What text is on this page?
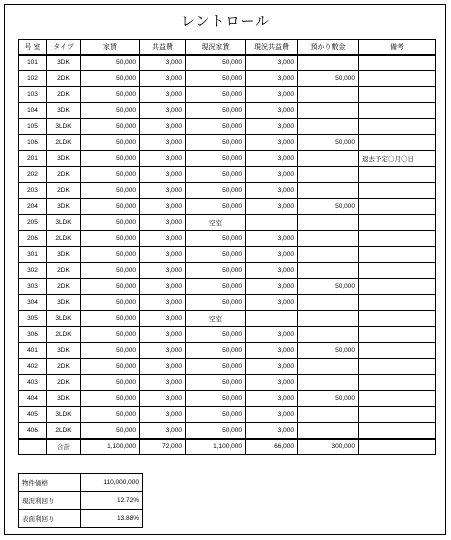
レントロール
号 室	タイプ	家賃	共益費	現況家賃	現況共益費	預かり敷金	備考
101	3DK	50,000	3,000	50,000	3,000		
102	2DK	50,000	3,000	50,000	3,000	50,000	
103	2DK	50,000	3,000	50,000	3,000		
104	3DK	50,000	3,000	50,000	3,000		
105	3LDK	50,000	3,000	50,000	3,000		
106	2LDK	50,000	3,000	50,000	3,000	50,000	
201	3DK	50,000	3,000	50,000	3,000		退去予定〇月〇日
202	2DK	50,000	3,000	50,000	3,000		
203	2DK	50,000	3,000	50,000	3,000		
204	3DK	50,000	3,000	50,000	3,000	50,000	
205	3LDK	50,000	3,000	空室			
206	2LDK	50,000	3,000	50,000	3,000		
301	3DK	50,000	3,000	50,000	3,000		
302	2DK	50,000	3,000	50,000	3,000		
303	2DK	50,000	3,000	50,000	3,000	50,000	
304	3DK	50,000	3,000	50,000	3,000		
305	3LDK	50,000	3,000	空室			
306	2LDK	50,000	3,000	50,000	3,000		
401	3DK	50,000	3,000	50,000	3,000	50,000	
402	2DK	50,000	3,000	50,000	3,000		
403	2DK	50,000	3,000	50,000	3,000		
404	3DK	50,000	3,000	50,000	3,000	50,000	
405	3LDK	50,000	3,000	50,000	3,000		
406	2LDK	50,000	3,000	50,000	3,000		
	合計	1,100,000	72,000	1,100,000	66,000	300,000	
物件価格	110,000,000
現況利回り	12.72%
表面利回り	13.88%
